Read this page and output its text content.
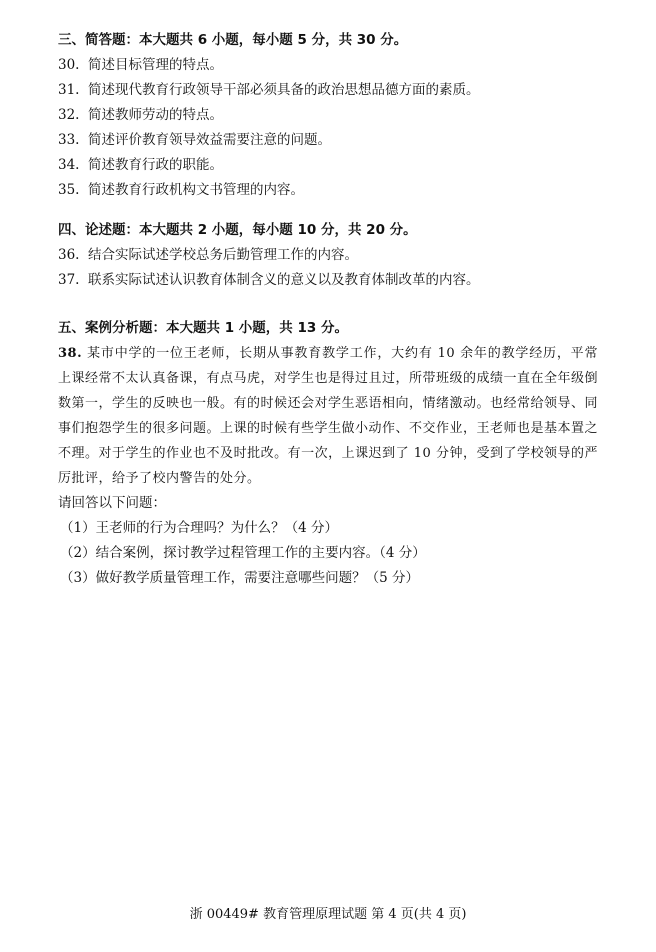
三、简答题：本大题共 6 小题，每小题 5 分，共 30 分。
30. 简述目标管理的特点。
31. 简述现代教育行政领导干部必须具备的政治思想品德方面的素质。
32. 简述教师劳动的特点。
33. 简述评价教育领导效益需要注意的问题。
34. 简述教育行政的职能。
35. 简述教育行政机构文书管理的内容。
四、论述题：本大题共 2 小题，每小题 10 分，共 20 分。
36. 结合实际试述学校总务后勤管理工作的内容。
37. 联系实际试述认识教育体制含义的意义以及教育体制改革的内容。
五、案例分析题：本大题共 1 小题，共 13 分。
38. 某市中学的一位王老师，长期从事教育教学工作，大约有 10 余年的教学经历，平常上课经常不太认真备课，有点马虎，对学生也是得过且过，所带班级的成绩一直在全年级倒数第一，学生的反映也一般。有的时候还会对学生恶语相向，情绪激动。也经常给领导、同事们抱怨学生的很多问题。上课的时候有些学生做小动作、不交作业，王老师也是基本置之不理。对于学生的作业也不及时批改。有一次，上课迟到了 10 分钟，受到了学校领导的严厉批评，给予了校内警告的处分。
请回答以下问题：
（1）王老师的行为合理吗？为什么？（4 分）
（2）结合案例，探讨教学过程管理工作的主要内容。（4 分）
（3）做好教学质量管理工作，需要注意哪些问题？（5 分）
浙 00449# 教育管理原理试题 第 4 页(共 4 页)
